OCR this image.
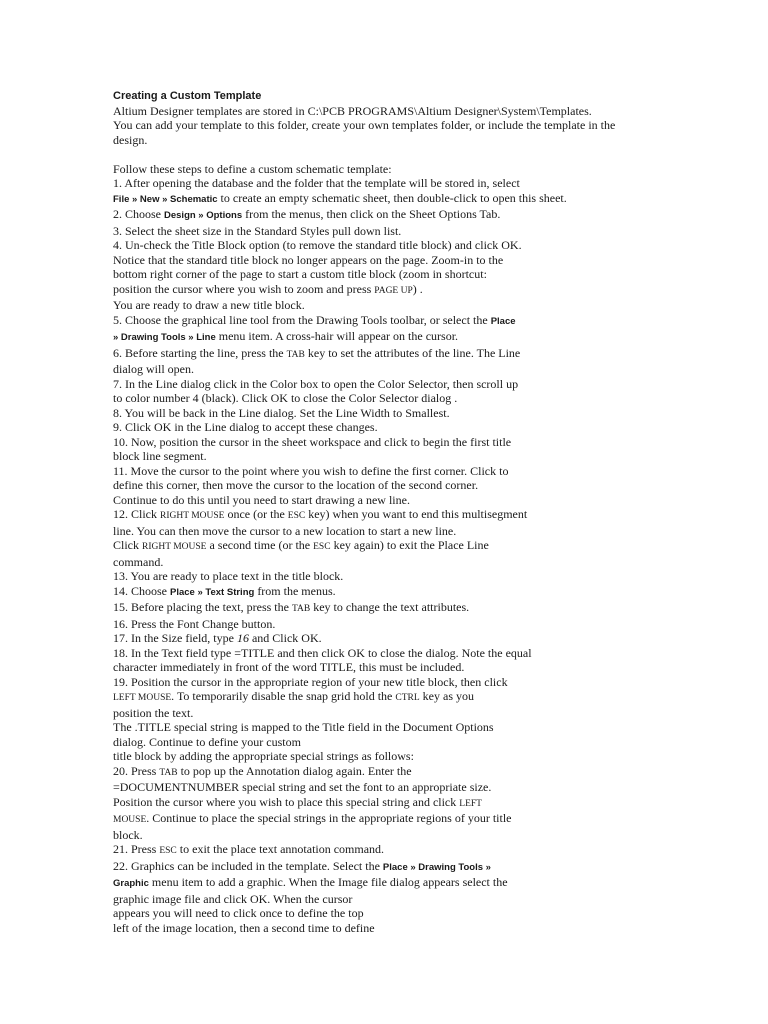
Creating a Custom Template
Altium Designer templates are stored in C:\PCB PROGRAMS\Altium Designer\System\Templates.
You can add your template to this folder, create your own templates folder, or include the template in the
design.
Follow these steps to define a custom schematic template:
1. After opening the database and the folder that the template will be stored in, select
File » New » Schematic to create an empty schematic sheet, then double-click to open this sheet.
2. Choose Design » Options from the menus, then click on the Sheet Options Tab.
3. Select the sheet size in the Standard Styles pull down list.
4. Un-check the Title Block option (to remove the standard title block) and click OK.
Notice that the standard title block no longer appears on the page. Zoom-in to the
bottom right corner of the page to start a custom title block (zoom in shortcut:
position the cursor where you wish to zoom and press PAGE UP) .
You are ready to draw a new title block.
5. Choose the graphical line tool from the Drawing Tools toolbar, or select the Place
» Drawing Tools » Line menu item. A cross-hair will appear on the cursor.
6. Before starting the line, press the TAB key to set the attributes of the line. The Line
dialog will open.
7. In the Line dialog click in the Color box to open the Color Selector, then scroll up
to color number 4 (black). Click OK to close the Color Selector dialog .
8. You will be back in the Line dialog. Set the Line Width to Smallest.
9. Click OK in the Line dialog to accept these changes.
10. Now, position the cursor in the sheet workspace and click to begin the first title
block line segment.
11. Move the cursor to the point where you wish to define the first corner. Click to
define this corner, then move the cursor to the location of the second corner.
Continue to do this until you need to start drawing a new line.
12. Click RIGHT MOUSE once (or the ESC key) when you want to end this multisegment
line. You can then move the cursor to a new location to start a new line.
Click RIGHT MOUSE a second time (or the ESC key again) to exit the Place Line
command.
13. You are ready to place text in the title block.
14. Choose Place » Text String from the menus.
15. Before placing the text, press the TAB key to change the text attributes.
16. Press the Font Change button.
17. In the Size field, type 16 and Click OK.
18. In the Text field type =TITLE and then click OK to close the dialog. Note the equal
character immediately in front of the word TITLE, this must be included.
19. Position the cursor in the appropriate region of your new title block, then click
LEFT MOUSE. To temporarily disable the snap grid hold the CTRL key as you
position the text.
The .TITLE special string is mapped to the Title field in the Document Options
dialog. Continue to define your custom
title block by adding the appropriate special strings as follows:
20. Press TAB to pop up the Annotation dialog again. Enter the
=DOCUMENTNUMBER special string and set the font to an appropriate size.
Position the cursor where you wish to place this special string and click LEFT
MOUSE. Continue to place the special strings in the appropriate regions of your title
block.
21. Press ESC to exit the place text annotation command.
22. Graphics can be included in the template. Select the Place » Drawing Tools »
Graphic menu item to add a graphic. When the Image file dialog appears select the
graphic image file and click OK. When the cursor
appears you will need to click once to define the top
left of the image location, then a second time to define
